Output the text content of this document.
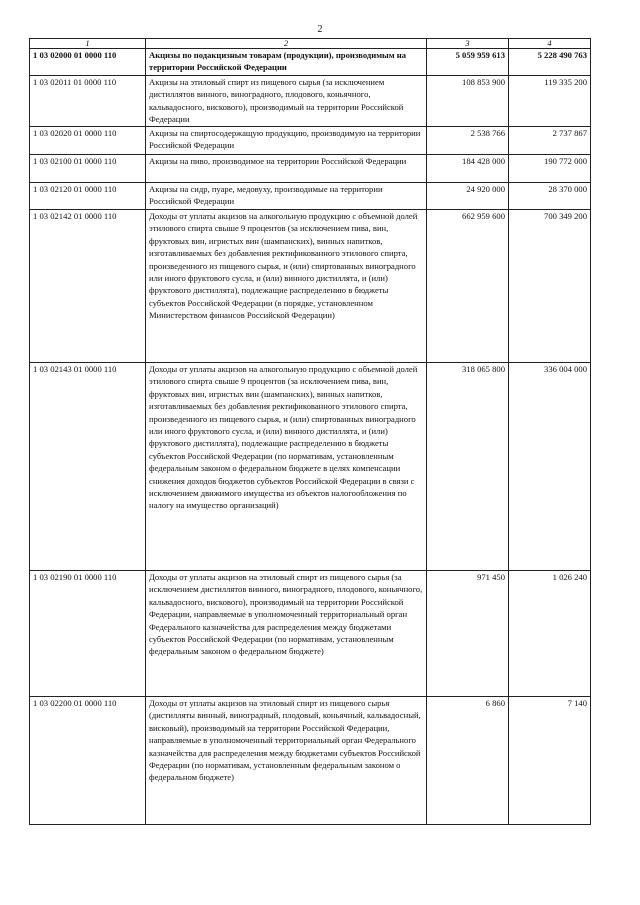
2
1	2	3	4
1 03 02000 01 0000 110	Акцизы по подакцизным товарам (продукции), производимым на территории Российской Федерации	5 059 959 613	5 228 490 763
1 03 02011 01 0000 110	Акцизы на этиловый спирт из пищевого сырья (за исключением дистиллятов винного, виноградного, плодового, коньячного, кальвадосного, вискового), производимый на территории Российской Федерации	108 853 900	119 335 200
1 03 02020 01 0000 110	Акцизы на спиртосодержащую продукцию, производимую на территории Российской Федерации	2 538 766	2 737 867
1 03 02100 01 0000 110	Акцизы на пиво, производимое на территории Российской Федерации	184 428 000	190 772 000
1 03 02120 01 0000 110	Акцизы на сидр, пуаре, медовуху, производимые на территории Российской Федерации	24 920 000	28 370 000
1 03 02142 01 0000 110	Доходы от уплаты акцизов на алкогольную продукцию с объемной долей этилового спирта свыше 9 процентов (за исключением пива, вин, фруктовых вин, игристых вин (шампанских), винных напитков, изготавливаемых без добавления ректификованного этилового спирта, произведенного из пищевого сырья, и (или) спиртованных виноградного или иного фруктового сусла, и (или) винного дистиллята, и (или) фруктового дистиллята), подлежащие распределению в бюджеты субъектов Российской Федерации (в порядке, установленном Министерством финансов Российской Федерации)	662 959 600	700 349 200
1 03 02143 01 0000 110	Доходы от уплаты акцизов на алкогольную продукцию с объемной долей этилового спирта свыше 9 процентов (за исключением пива, вин, фруктовых вин, игристых вин (шампанских), винных напитков, изготавливаемых без добавления ректификованного этилового спирта, произведенного из пищевого сырья, и (или) спиртованных виноградного или иного фруктового сусла, и (или) винного дистиллята, и (или) фруктового дистиллята), подлежащие распределению в бюджеты субъектов Российской Федерации (по нормативам, установленным федеральным законом о федеральном бюджете в целях компенсации снижения доходов бюджетов субъектов Российской Федерации в связи с исключением движимого имущества из объектов налогообложения по налогу на имущество организаций)	318 065 800	336 004 000
1 03 02190 01 0000 110	Доходы от уплаты акцизов на этиловый спирт из пищевого сырья (за исключением дистиллятов винного, виноградного, плодового, коньячного, кальвадосного, вискового), производимый на территории Российской Федерации, направляемые в уполномоченный территориальный орган Федерального казначейства для распределения между бюджетами субъектов Российской Федерации (по нормативам, установленным федеральным законом о федеральном бюджете)	971 450	1 026 240
1 03 02200 01 0000 110	Доходы от уплаты акцизов на этиловый спирт из пищевого сырья (дистилляты винный, виноградный, плодовый, коньячный, кальвадосный, висковый), производимый на территории Российской Федерации, направляемые в уполномоченный территориальный орган Федерального казначейства для распределения между бюджетами субъектов Российской Федерации (по нормативам, установленным федеральным законом о федеральном бюджете)	6 860	7 140
